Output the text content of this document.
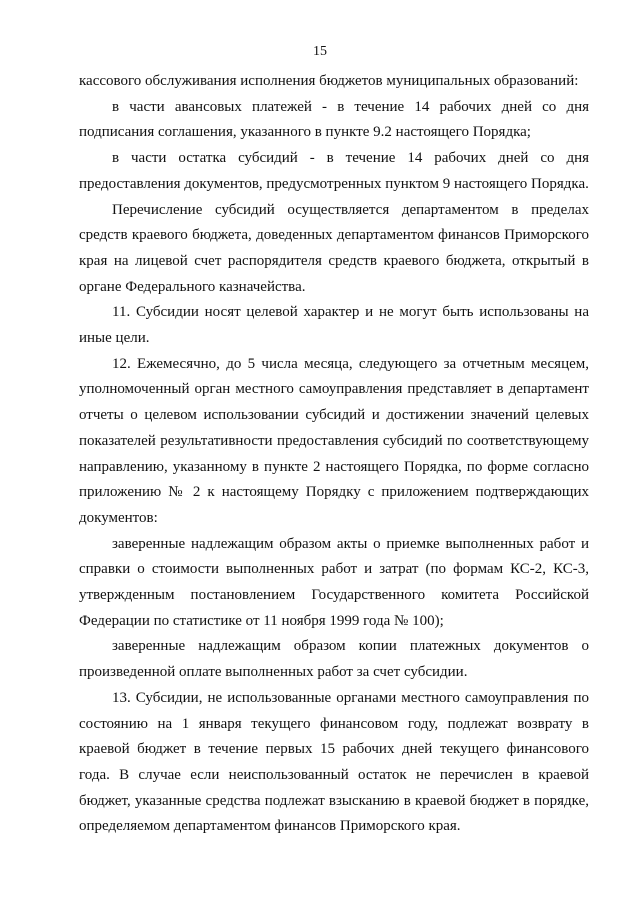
15

кассового обслуживания исполнения бюджетов муниципальных образований:

в части авансовых платежей - в течение 14 рабочих дней со дня подписания соглашения, указанного в пункте 9.2 настоящего Порядка;

в части остатка субсидий - в течение 14 рабочих дней со дня предоставления документов, предусмотренных пунктом 9 настоящего Порядка.

Перечисление субсидий осуществляется департаментом в пределах средств краевого бюджета, доведенных департаментом финансов Приморского края на лицевой счет распорядителя средств краевого бюджета, открытый в органе Федерального казначейства.

11. Субсидии носят целевой характер и не могут быть использованы на иные цели.

12. Ежемесячно, до 5 числа месяца, следующего за отчетным месяцем, уполномоченный орган местного самоуправления представляет в департамент отчеты о целевом использовании субсидий и достижении значений целевых показателей результативности предоставления субсидий по соответствующему направлению, указанному в пункте 2 настоящего Порядка, по форме согласно приложению № 2 к настоящему Порядку с приложением подтверждающих документов:

заверенные надлежащим образом акты о приемке выполненных работ и справки о стоимости выполненных работ и затрат (по формам КС-2, КС-3, утвержденным постановлением Государственного комитета Российской Федерации по статистике от 11 ноября 1999 года № 100);

заверенные надлежащим образом копии платежных документов о произведенной оплате выполненных работ за счет субсидии.

13. Субсидии, не использованные органами местного самоуправления по состоянию на 1 января текущего финансовом году, подлежат возврату в краевой бюджет в течение первых 15 рабочих дней текущего финансового года. В случае если неиспользованный остаток не перечислен в краевой бюджет, указанные средства подлежат взысканию в краевой бюджет в порядке, определяемом департаментом финансов Приморского края.
